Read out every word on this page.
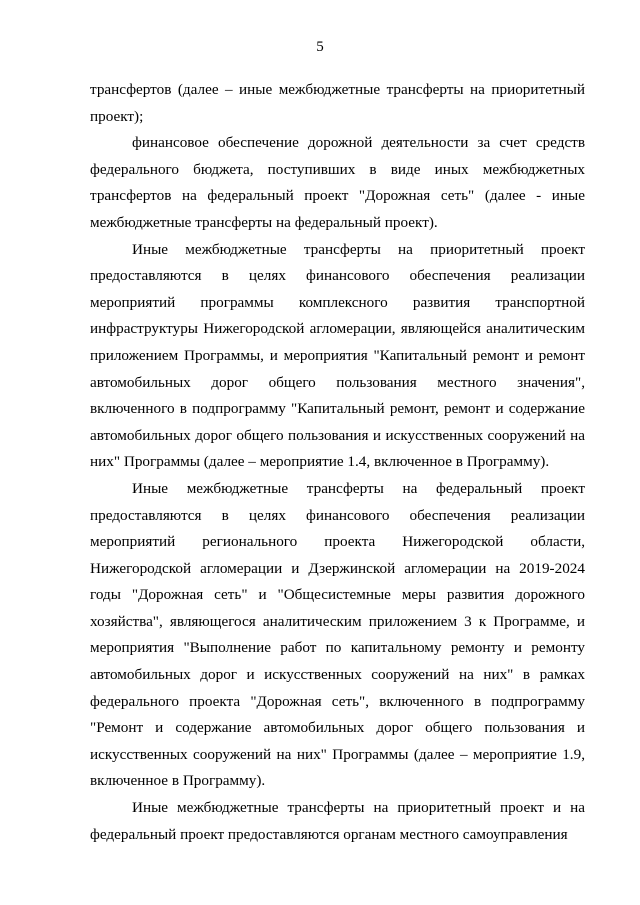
5

трансфертов (далее – иные межбюджетные трансферты на приоритетный проект);

финансовое обеспечение дорожной деятельности за счет средств федерального бюджета, поступивших в виде иных межбюджетных трансфертов на федеральный проект "Дорожная сеть" (далее - иные межбюджетные трансферты на федеральный проект).

Иные межбюджетные трансферты на приоритетный проект предоставляются в целях финансового обеспечения реализации мероприятий программы комплексного развития транспортной инфраструктуры Нижегородской агломерации, являющейся аналитическим приложением Программы, и мероприятия "Капитальный ремонт и ремонт автомобильных дорог общего пользования местного значения", включенного в подпрограмму "Капитальный ремонт, ремонт и содержание автомобильных дорог общего пользования и искусственных сооружений на них" Программы (далее – мероприятие 1.4, включенное в Программу).

Иные межбюджетные трансферты на федеральный проект предоставляются в целях финансового обеспечения реализации мероприятий регионального проекта Нижегородской области, Нижегородской агломерации и Дзержинской агломерации на 2019-2024 годы "Дорожная сеть" и "Общесистемные меры развития дорожного хозяйства", являющегося аналитическим приложением 3 к Программе, и мероприятия "Выполнение работ по капитальному ремонту и ремонту автомобильных дорог и искусственных сооружений на них" в рамках федерального проекта "Дорожная сеть", включенного в подпрограмму "Ремонт и содержание автомобильных дорог общего пользования и искусственных сооружений на них" Программы (далее – мероприятие 1.9, включенное в Программу).

Иные межбюджетные трансферты на приоритетный проект и на федеральный проект предоставляются органам местного самоуправления
